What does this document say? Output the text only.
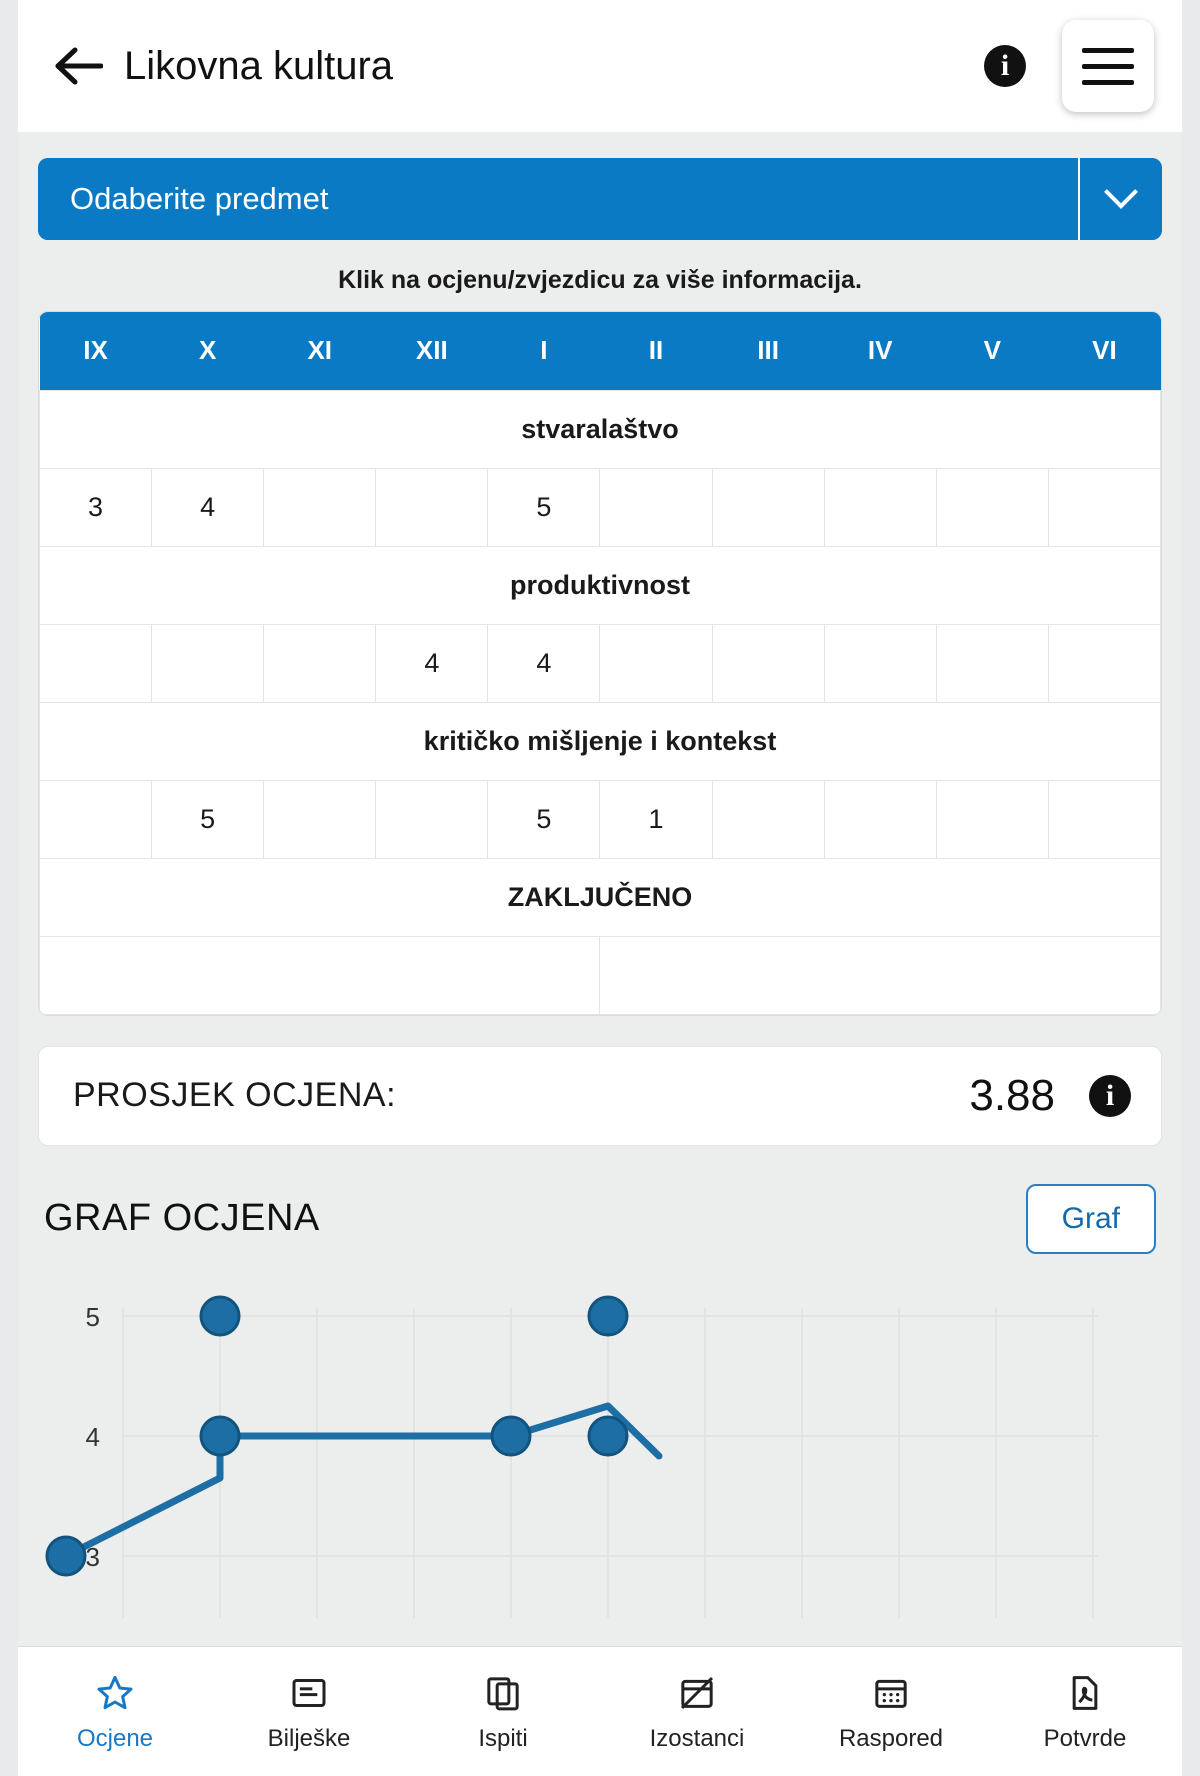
Likovna kultura	i
Odaberite predmet
Klik na ocjenu/zvjezdicu za više informacija.
IX	X	XI	XII	I	II	III	IV	V	VI
stvaralaštvo									
3	4			5					
produktivnost									
			4	4					
kritičko mišljenje i kontekst									
	5			5	1				
ZAKLJUČENO									

PROSJEK OCJENA:	3.88	i
GRAF OCJENA	Graf
5
4
3
Ocjene	Bilješke	Ispiti	Izostanci	Raspored	Potvrde
